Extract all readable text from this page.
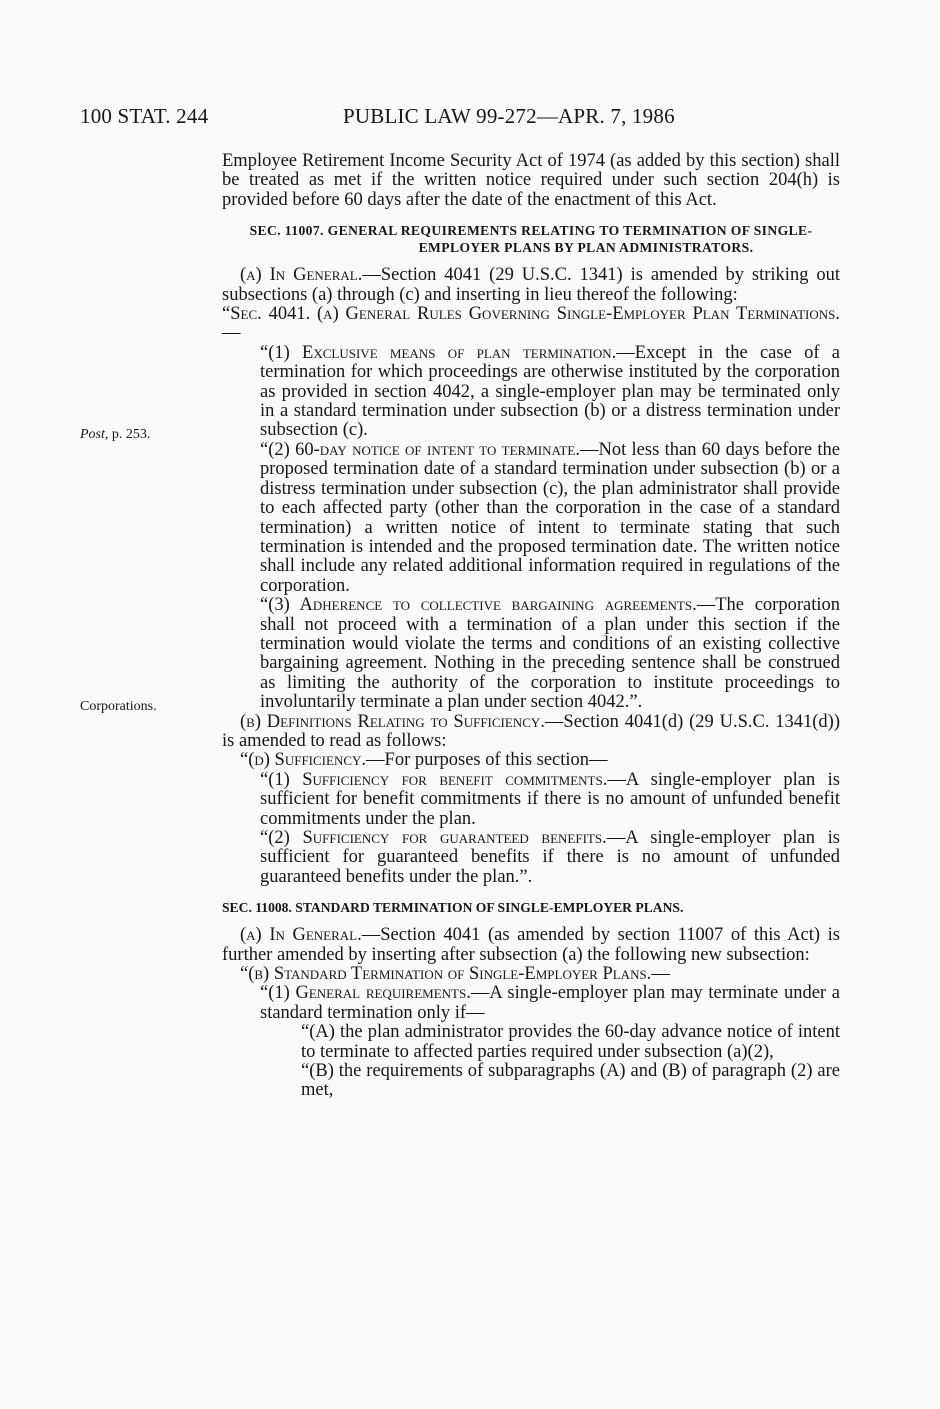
100 STAT. 244	PUBLIC LAW 99-272—APR. 7, 1986
Post, p. 253.
Corporations.

Employee Retirement Income Security Act of 1974 (as added by this section) shall be treated as met if the written notice required under such section 204(h) is provided before 60 days after the date of the enactment of this Act.

SEC. 11007. GENERAL REQUIREMENTS RELATING TO TERMINATION OF SINGLE-EMPLOYER PLANS BY PLAN ADMINISTRATORS.

(a) In General.—Section 4041 (29 U.S.C. 1341) is amended by striking out subsections (a) through (c) and inserting in lieu thereof the following:

“Sec. 4041. (a) General Rules Governing Single-Employer Plan Terminations.—

“(1) Exclusive means of plan termination.—Except in the case of a termination for which proceedings are otherwise instituted by the corporation as provided in section 4042, a single-employer plan may be terminated only in a standard termination under subsection (b) or a distress termination under subsection (c).

“(2) 60-day notice of intent to terminate.—Not less than 60 days before the proposed termination date of a standard termination under subsection (b) or a distress termination under subsection (c), the plan administrator shall provide to each affected party (other than the corporation in the case of a standard termination) a written notice of intent to terminate stating that such termination is intended and the proposed termination date. The written notice shall include any related additional information required in regulations of the corporation.

“(3) Adherence to collective bargaining agreements.—The corporation shall not proceed with a termination of a plan under this section if the termination would violate the terms and conditions of an existing collective bargaining agreement. Nothing in the preceding sentence shall be construed as limiting the authority of the corporation to institute proceedings to involuntarily terminate a plan under section 4042.”.

(b) Definitions Relating to Sufficiency.—Section 4041(d) (29 U.S.C. 1341(d)) is amended to read as follows:

“(d) Sufficiency.—For purposes of this section—

“(1) Sufficiency for benefit commitments.—A single-employer plan is sufficient for benefit commitments if there is no amount of unfunded benefit commitments under the plan.

“(2) Sufficiency for guaranteed benefits.—A single-employer plan is sufficient for guaranteed benefits if there is no amount of unfunded guaranteed benefits under the plan.”.

SEC. 11008. STANDARD TERMINATION OF SINGLE-EMPLOYER PLANS.

(a) In General.—Section 4041 (as amended by section 11007 of this Act) is further amended by inserting after subsection (a) the following new subsection:

“(b) Standard Termination of Single-Employer Plans.—

“(1) General requirements.—A single-employer plan may terminate under a standard termination only if—

“(A) the plan administrator provides the 60-day advance notice of intent to terminate to affected parties required under subsection (a)(2),

“(B) the requirements of subparagraphs (A) and (B) of paragraph (2) are met,
